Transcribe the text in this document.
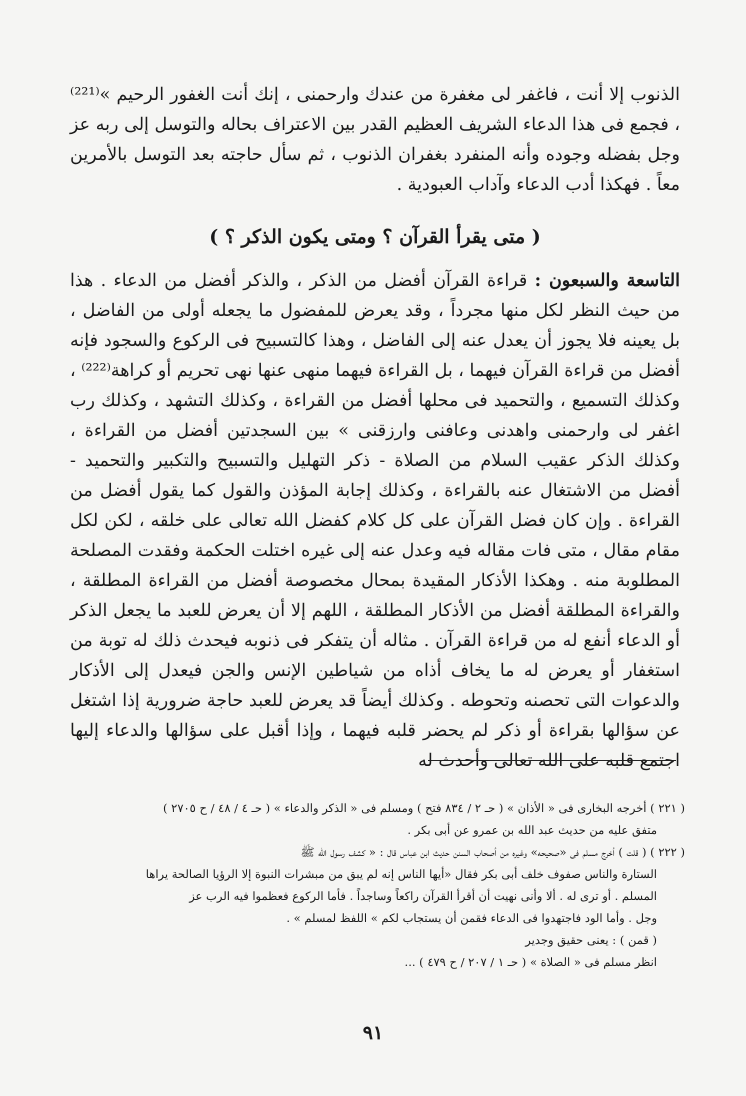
الذنوب إلا أنت ، فاغفر لى مغفرة من عندك وارحمنى ، إنك أنت الغفور الرحيم »⁽²²¹⁾ ، فجمع فى هذا الدعاء الشريف العظيم القدر بين الاعتراف بحاله والتوسل إلى ربه عز وجل بفضله وجوده وأنه المنفرد بغفران الذنوب ، ثم سأل حاجته بعد التوسل بالأمرين معاً . فهكذا أدب الدعاء وآداب العبودية .

( متى يقرأ القرآن ؟ ومتى يكون الذكر ؟ )

التاسعة والسبعون : قراءة القرآن أفضل من الذكر ، والذكر أفضل من الدعاء . هذا من حيث النظر لكل منها مجرداً ، وقد يعرض للمفضول ما يجعله أولى من الفاضل ، بل يعينه فلا يجوز أن يعدل عنه إلى الفاضل ، وهذا كالتسبيح فى الركوع والسجود فإنه أفضل من قراءة القرآن فيهما ، بل القراءة فيهما منهى عنها نهى تحريم أو كراهة⁽²²²⁾ ، وكذلك التسميع ، والتحميد فى محلها أفضل من القراءة ، وكذلك التشهد ، وكذلك رب اغفر لى وارحمنى واهدنى وعافنى وارزقنى » بين السجدتين أفضل من القراءة ، وكذلك الذكر عقيب السلام من الصلاة - ذكر التهليل والتسبيح والتكبير والتحميد - أفضل من الاشتغال عنه بالقراءة ، وكذلك إجابة المؤذن والقول كما يقول أفضل من القراءة . وإن كان فضل القرآن على كل كلام كفضل الله تعالى على خلقه ، لكن لكل مقام مقال ، متى فات مقاله فيه وعدل عنه إلى غيره اختلت الحكمة وفقدت المصلحة المطلوبة منه . وهكذا الأذكار المقيدة بمحال مخصوصة أفضل من القراءة المطلقة ، والقراءة المطلقة أفضل من الأذكار المطلقة ، اللهم إلا أن يعرض للعبد ما يجعل الذكر أو الدعاء أنفع له من قراءة القرآن . مثاله أن يتفكر فى ذنوبه فيحدث ذلك له توبة من استغفار أو يعرض له ما يخاف أذاه من شياطين الإنس والجن فيعدل إلى الأذكار والدعوات التى تحصنه وتحوطه . وكذلك أيضاً قد يعرض للعبد حاجة ضرورية إذا اشتغل عن سؤالها بقراءة أو ذكر لم يحضر قلبه فيهما ، وإذا أقبل على سؤالها والدعاء إليها اجتمع قلبه على الله تعالى وأحدث له

( ٢٢١ ) أخرجه البخارى فى « الأذان » ( حـ ٢ / ٨٣٤ فتح ) ومسلم فى « الذكر والدعاء » ( حـ ٤ / ٤٨ / ح ٢٧٠٥ )
متفق عليه من حديث عبد الله بن عمرو عن أبى بكر .
( ٢٢٢ ) ( قلت ) أخرج مسلم فى «صحيحه» وغيره من أصحاب السنن حديث ابن عباس قال : « كشف رسول الله ﷺ
الستارة والناس صفوف خلف أبى بكر فقال «أيها الناس إنه لم يبق من مبشرات النبوة إلا الرؤيا الصالحة يراها
المسلم . أو ترى له . ألا وأنى نهيت أن أقرأ القرآن راكعاً وساجداً . فأما الركوع فعظموا فيه الرب عز
وجل . وأما الود فاجتهدوا فى الدعاء فقمن أن يستجاب لكم » اللفظ لمسلم » .
( قمن ) : يعنى حقيق وجدير
انظر مسلم فى « الصلاة » ( حـ ١ / ٢٠٧ / ح ٤٧٩ ) ...
٩١
